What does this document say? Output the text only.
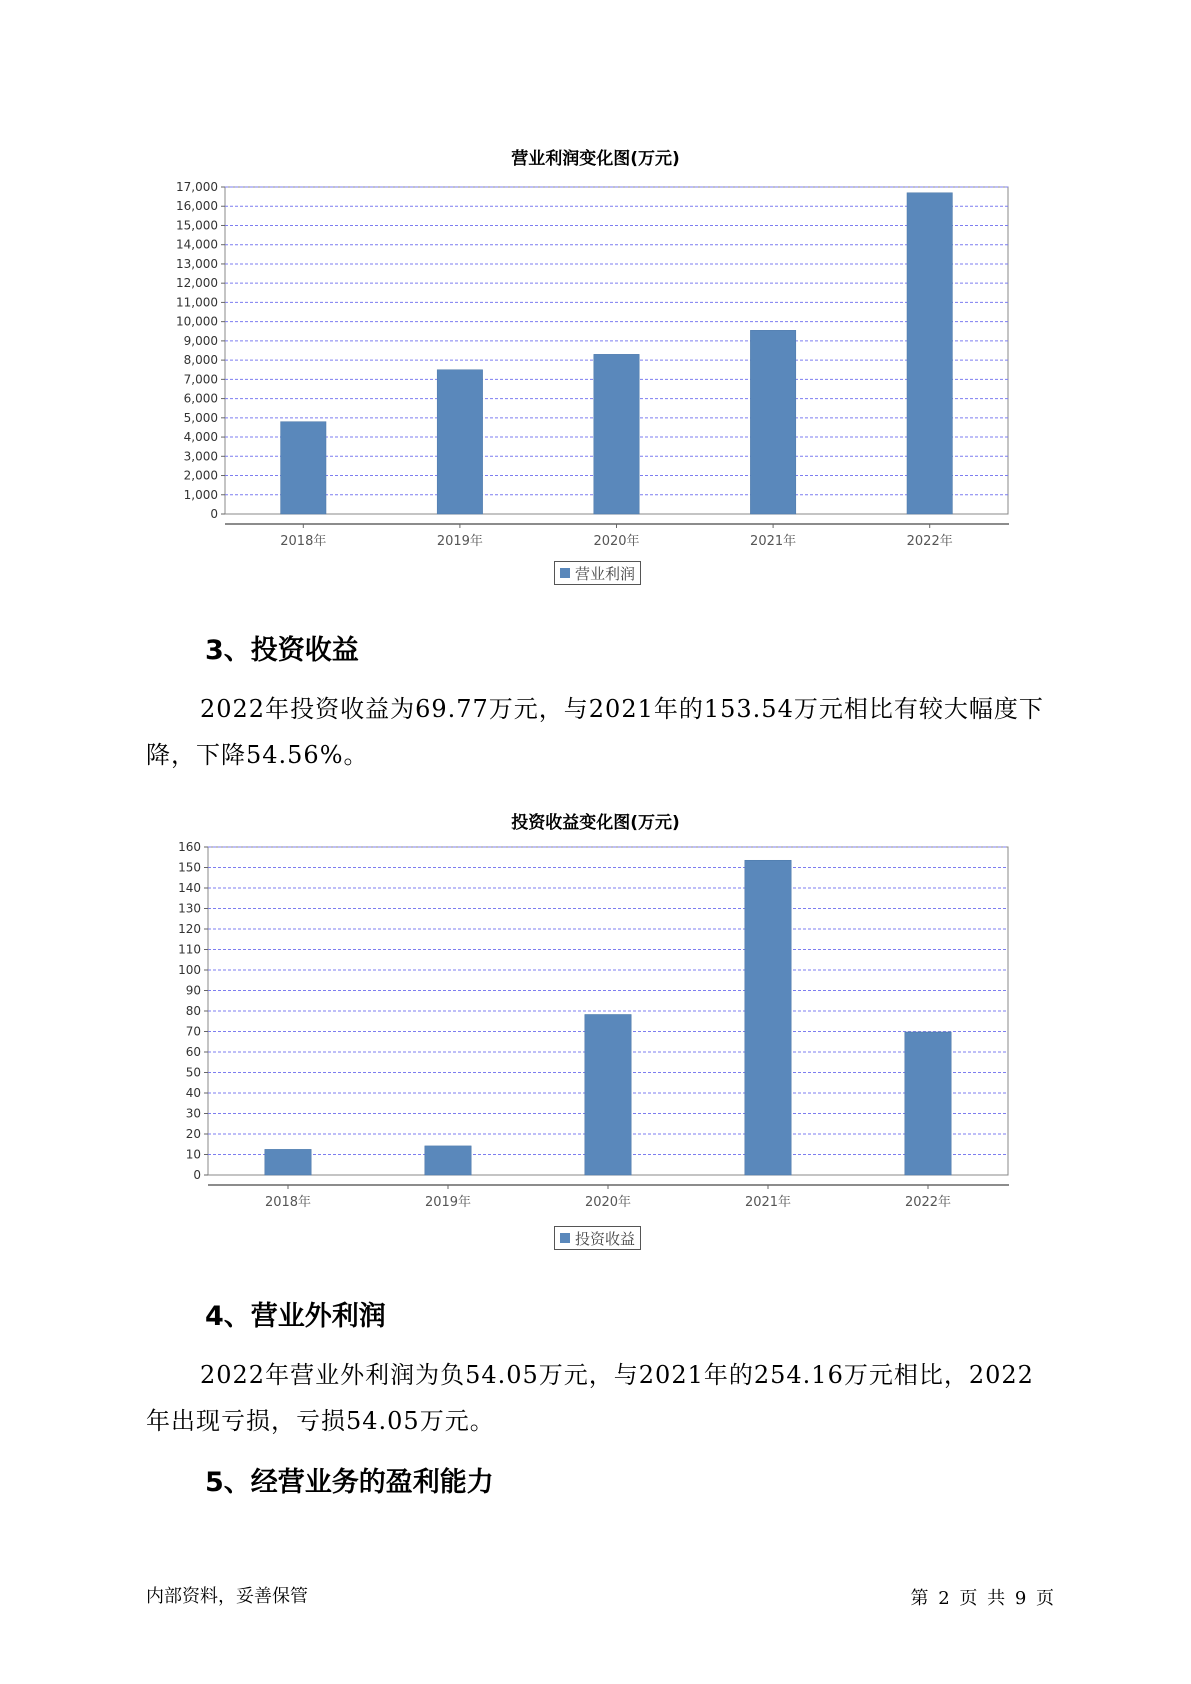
营业利润变化图(万元)
0
1,000
2,000
3,000
4,000
5,000
6,000
7,000
8,000
9,000
10,000
11,000
12,000
13,000
14,000
15,000
16,000
17,000
2018年	2019年	2020年	2021年	2022年
营业利润
3、投资收益

2022年投资收益为69.77万元，与2021年的153.54万元相比有较大幅度下降，下降54.56%。

投资收益变化图(万元)
0
10
20
30
40
50
60
70
80
90
100
110
120
130
140
150
160
2018年	2019年	2020年	2021年	2022年
投资收益
4、营业外利润

2022年营业外利润为负54.05万元，与2021年的254.16万元相比，2022年出现亏损，亏损54.05万元。

5、经营业务的盈利能力
内部资料，妥善保管	第 2 页 共 9 页
